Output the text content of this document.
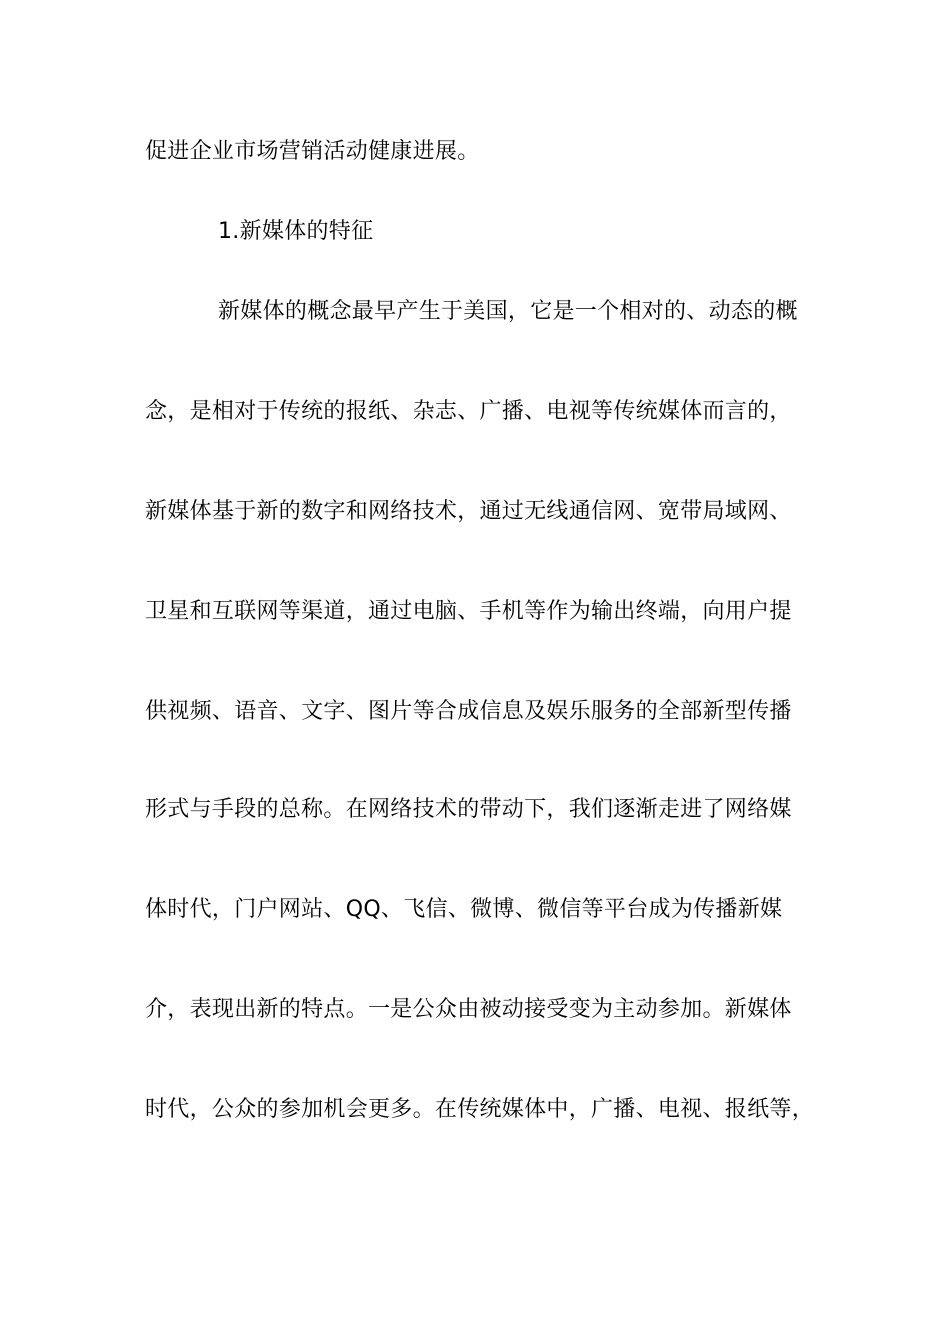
促进企业市场营销活动健康进展。
1.新媒体的特征
新媒体的概念最早产生于美国，它是一个相对的、动态的概
念，是相对于传统的报纸、杂志、广播、电视等传统媒体而言的，
新媒体基于新的数字和网络技术，通过无线通信网、宽带局域网、
卫星和互联网等渠道，通过电脑、手机等作为输出终端，向用户提
供视频、语音、文字、图片等合成信息及娱乐服务的全部新型传播
形式与手段的总称。在网络技术的带动下，我们逐渐走进了网络媒
体时代，门户网站、QQ、飞信、微博、微信等平台成为传播新媒
介，表现出新的特点。一是公众由被动接受变为主动参加。新媒体
时代，公众的参加机会更多。在传统媒体中，广播、电视、报纸等，
